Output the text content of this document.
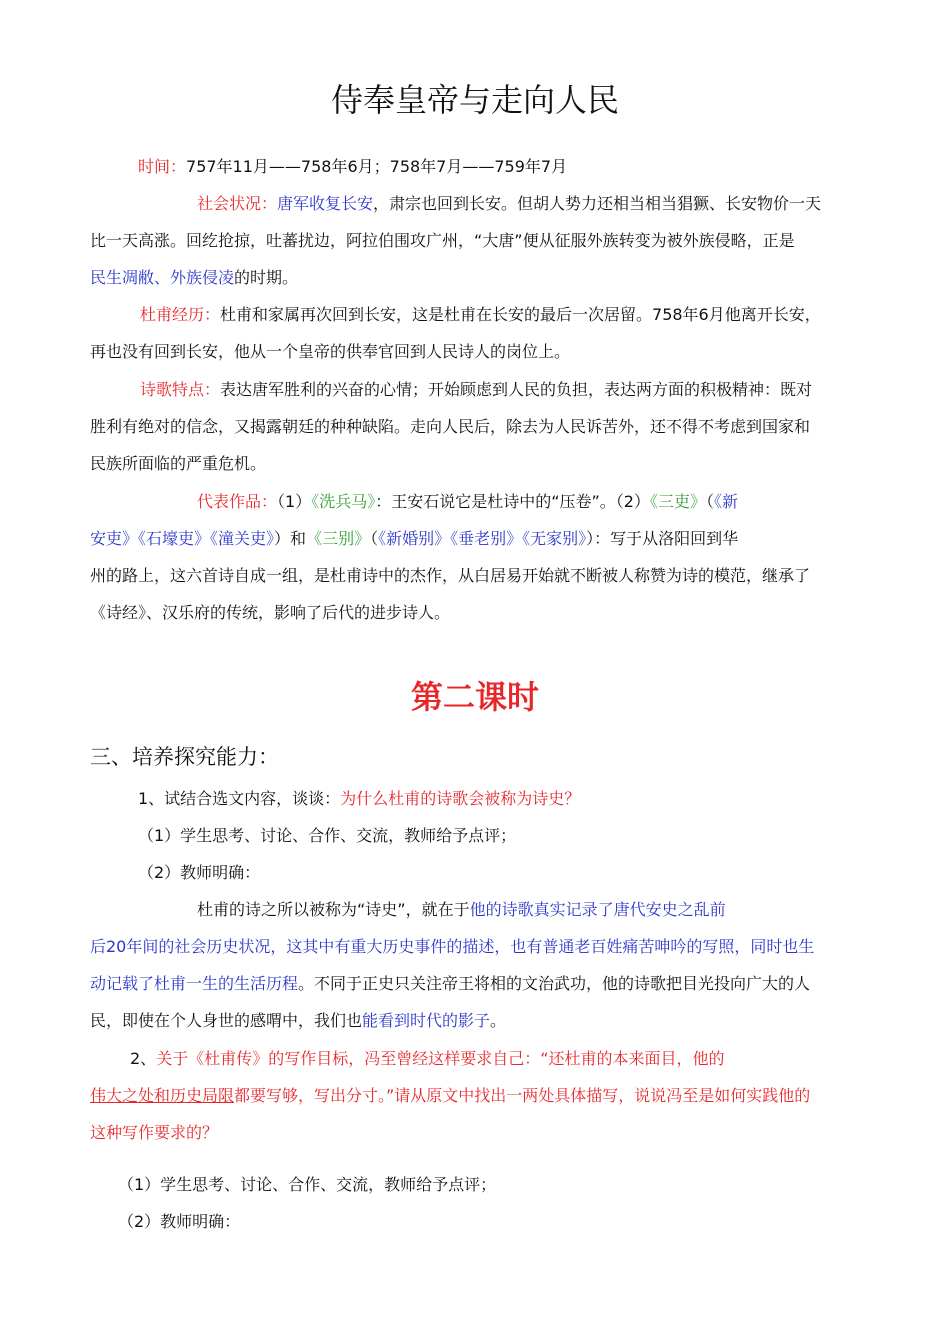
侍奉皇帝与走向人民
时间：757年11月——758年6月；758年7月——759年7月
社会状况：唐军收复长安，肃宗也回到长安。但胡人势力还相当相当猖獗、长安物价一天
比一天高涨。回纥抢掠，吐蕃扰边，阿拉伯围攻广州，“大唐”便从征服外族转变为被外族侵略，正是
民生凋敝、外族侵凌的时期。
杜甫经历：杜甫和家属再次回到长安，这是杜甫在长安的最后一次居留。758年6月他离开长安，
再也没有回到长安，他从一个皇帝的供奉官回到人民诗人的岗位上。
诗歌特点：表达唐军胜利的兴奋的心情；开始顾虑到人民的负担，表达两方面的积极精神：既对
胜利有绝对的信念，又揭露朝廷的种种缺陷。走向人民后，除去为人民诉苦外，还不得不考虑到国家和
民族所面临的严重危机。
代表作品：（1）《洗兵马》：王安石说它是杜诗中的“压卷”。（2）《三吏》（《新
安吏》《石壕吏》《潼关吏》）和《三别》（《新婚别》《垂老别》《无家别》）：写于从洛阳回到华
州的路上，这六首诗自成一组，是杜甫诗中的杰作，从白居易开始就不断被人称赞为诗的模范，继承了
《诗经》、汉乐府的传统，影响了后代的进步诗人。
第二课时
三、培养探究能力：
1、试结合选文内容，谈谈：为什么杜甫的诗歌会被称为诗史？
（1）学生思考、讨论、合作、交流，教师给予点评；
（2）教师明确：
杜甫的诗之所以被称为“诗史”，就在于他的诗歌真实记录了唐代安史之乱前
后20年间的社会历史状况，这其中有重大历史事件的描述，也有普通老百姓痛苦呻吟的写照，同时也生
动记载了杜甫一生的生活历程。不同于正史只关注帝王将相的文治武功，他的诗歌把目光投向广大的人
民，即使在个人身世的感喟中，我们也能看到时代的影子。
2、关于《杜甫传》的写作目标，冯至曾经这样要求自己：“还杜甫的本来面目，他的
伟大之处和历史局限都要写够，写出分寸。”请从原文中找出一两处具体描写，说说冯至是如何实践他的
这种写作要求的？
（1）学生思考、讨论、合作、交流，教师给予点评；
（2）教师明确：
